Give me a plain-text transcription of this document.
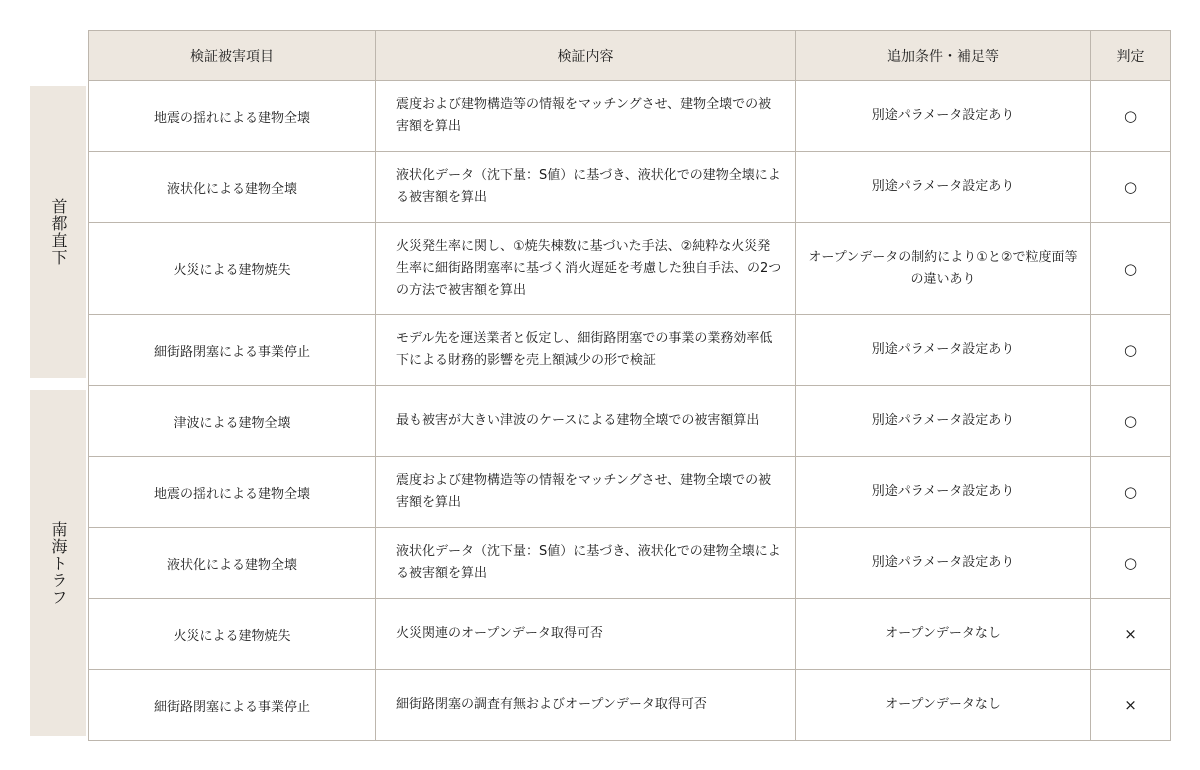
首都直下
南海トラフ
検証被害項目	検証内容	追加条件・補足等	判定
地震の揺れによる建物全壊	震度および建物構造等の情報をマッチングさせ、建物全壊での被害額を算出	別途パラメータ設定あり	○
液状化による建物全壊	液状化データ（沈下量：S値）に基づき、液状化での建物全壊による被害額を算出	別途パラメータ設定あり	○
火災による建物焼失	火災発生率に関し、①焼失棟数に基づいた手法、②純粋な火災発生率に細街路閉塞率に基づく消火遅延を考慮した独自手法、の2つの方法で被害額を算出	オープンデータの制約により①と②で粒度面等の違いあり	○
細街路閉塞による事業停止	モデル先を運送業者と仮定し、細街路閉塞での事業の業務効率低下による財務的影響を売上額減少の形で検証	別途パラメータ設定あり	○
津波による建物全壊	最も被害が大きい津波のケースによる建物全壊での被害額算出	別途パラメータ設定あり	○
地震の揺れによる建物全壊	震度および建物構造等の情報をマッチングさせ、建物全壊での被害額を算出	別途パラメータ設定あり	○
液状化による建物全壊	液状化データ（沈下量：S値）に基づき、液状化での建物全壊による被害額を算出	別途パラメータ設定あり	○
火災による建物焼失	火災関連のオープンデータ取得可否	オープンデータなし	×
細街路閉塞による事業停止	細街路閉塞の調査有無およびオープンデータ取得可否	オープンデータなし	×
